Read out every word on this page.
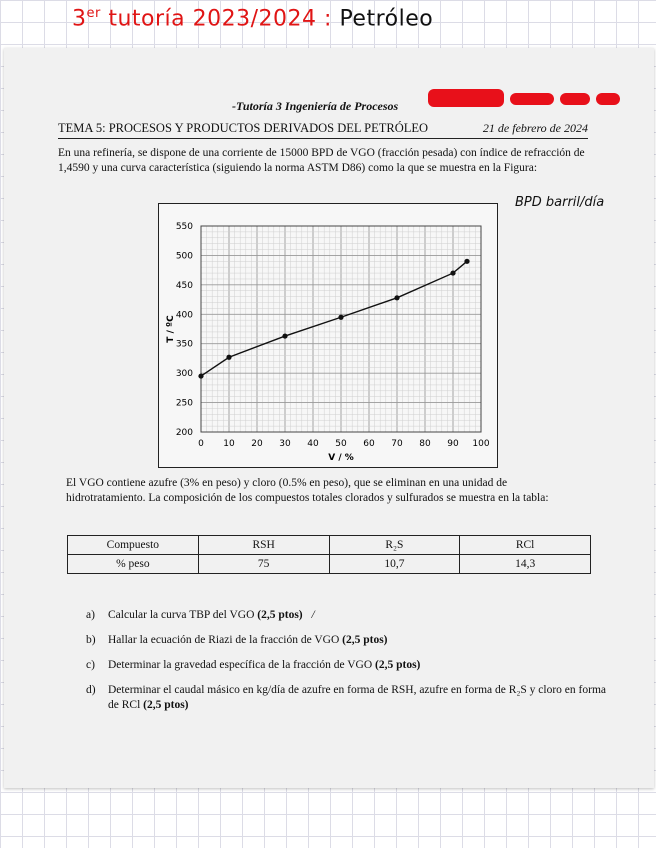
3er tutoría 2023/2024 : Petróleo
-Tutoría 3 Ingeniería de Procesos
TEMA 5: PROCESOS Y PRODUCTOS DERIVADOS DEL PETRÓLEO	21 de febrero de 2024
En una refinería, se dispone de una corriente de 15000 BPD de VGO (fracción pesada) con índice de refracción de 1,4590 y una curva característica (siguiendo la norma ASTM D86) como la que se muestra en la Figura:
BPD barril/día
0 10 20 30 40 50 60 70 80 90 100
200
250
300
350
400
450
500
550
V / %
T / ºC
El VGO contiene azufre (3% en peso) y cloro (0.5% en peso), que se eliminan en una unidad de hidrotratamiento. La composición de los compuestos totales clorados y sulfurados se muestra en la tabla:
Compuesto	RSH	R₂S	RCl
% peso	75	10,7	14,3
a)	Calcular la curva TBP del VGO (2,5 ptos) /
b)	Hallar la ecuación de Riazi de la fracción de VGO (2,5 ptos)
c)	Determinar la gravedad específica de la fracción de VGO (2,5 ptos)
d)	Determinar el caudal másico en kg/día de azufre en forma de RSH, azufre en forma de R₂S y cloro en forma de RCl (2,5 ptos)
